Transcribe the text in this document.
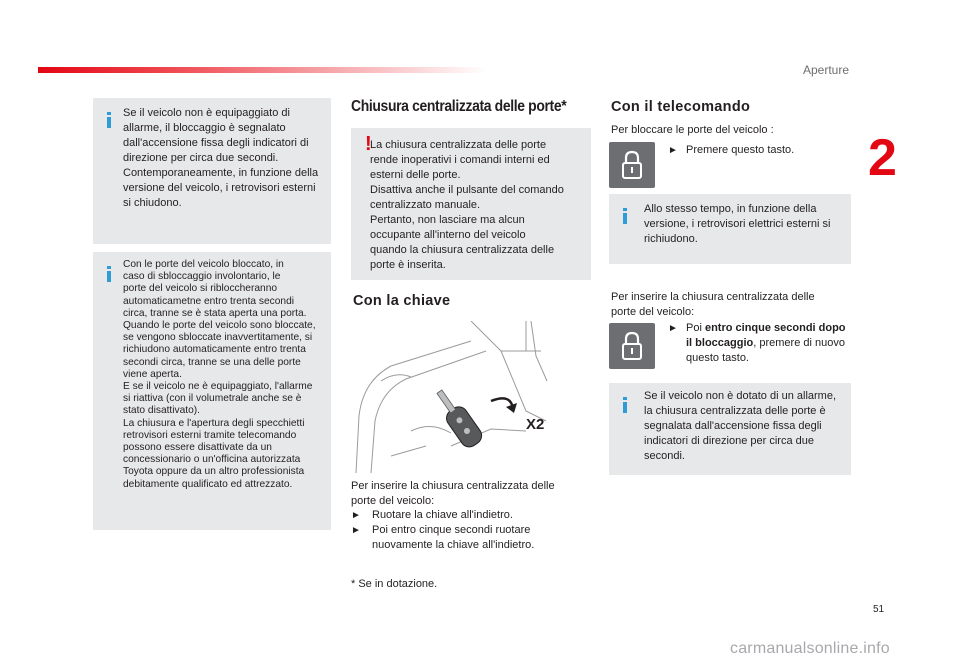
Aperture
2
Se il veicolo non è equipaggiato di
allarme, il bloccaggio è segnalato
dall'accensione fissa degli indicatori di
direzione per circa due secondi.
Contemporaneamente, in funzione della
versione del veicolo, i retrovisori esterni
si chiudono.
Con le porte del veicolo bloccato, in
caso di sbloccaggio involontario, le
porte del veicolo si ribloccheranno
automaticametne entro trenta secondi
circa, tranne se è stata aperta una porta.
Quando le porte del veicolo sono bloccate,
se vengono sbloccate inavvertitamente, si
richiudono automaticamente entro trenta
secondi circa, tranne se una delle porte
viene aperta.
E se il veicolo ne è equipaggiato, l'allarme
si riattiva (con il volumetrale anche se è
stato disattivato).
La chiusura e l'apertura degli specchietti
retrovisori esterni tramite telecomando
possono essere disattivate da un
concessionario o un'officina autorizzata
Toyota oppure da un altro professionista
debitamente qualificato ed attrezzato.
Chiusura centralizzata delle porte*
!
La chiusura centralizzata delle porte
rende inoperativi i comandi interni ed
esterni delle porte.
Disattiva anche il pulsante del comando
centralizzato manuale.
Pertanto, non lasciare ma alcun
occupante all'interno del veicolo
quando la chiusura centralizzata delle
porte è inserita.
Con la chiave
X2
Per inserire la chiusura centralizzata delle
porte del veicolo:
► Ruotare la chiave all'indietro.
► Poi entro cinque secondi ruotare
nuovamente la chiave all'indietro.
* Se in dotazione.
Con il telecomando
Per bloccare le porte del veicolo :
► Premere questo tasto.
Allo stesso tempo, in funzione della
versione, i retrovisori elettrici esterni si
richiudono.
Per inserire la chiusura centralizzata delle
porte del veicolo:
► Poi entro cinque secondi dopo
il bloccaggio, premere di nuovo
questo tasto.
Se il veicolo non è dotato di un allarme,
la chiusura centralizzata delle porte è
segnalata dall'accensione fissa degli
indicatori di direzione per circa due
secondi.
51
carmanualsonline.info
